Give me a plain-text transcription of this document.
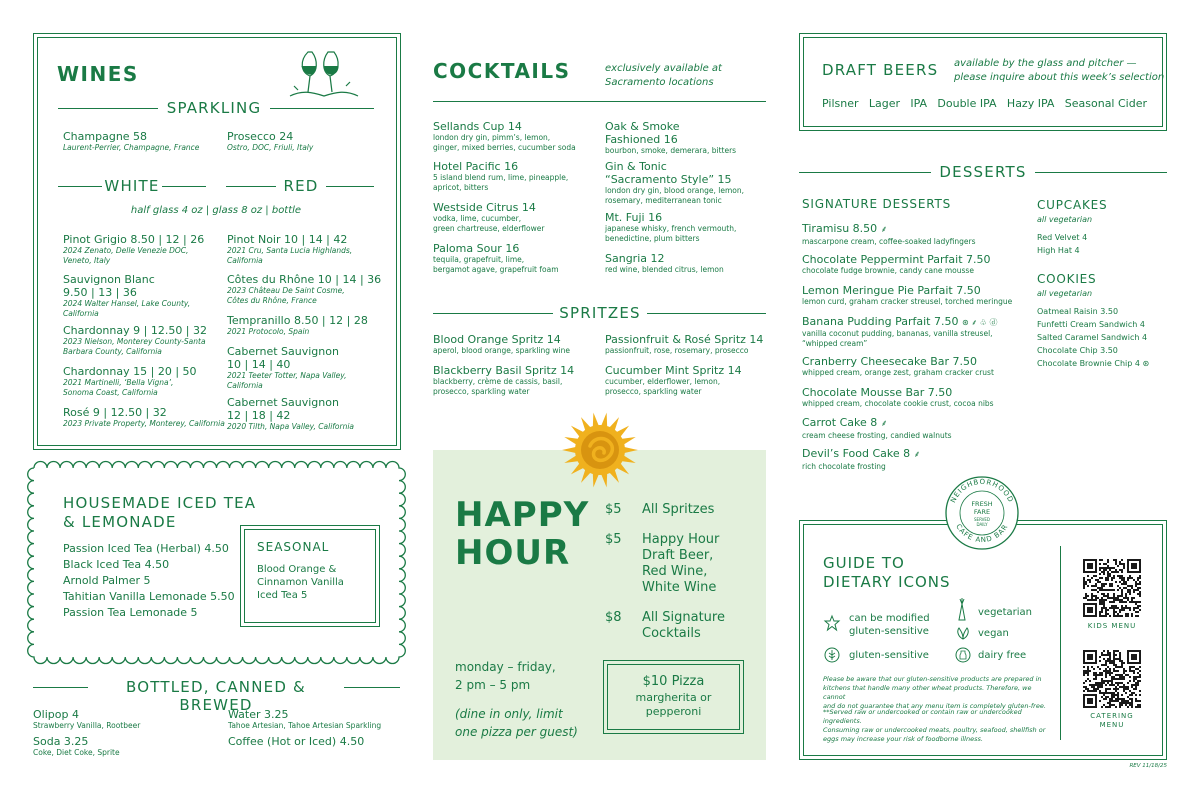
WINES
SPARKLING
Champagne 58
Laurent-Perrier, Champagne, France
Prosecco 24
Ostro, DOC, Friuli, Italy
WHITE	RED
half glass 4 oz | glass 8 oz | bottle
Pinot Grigio 8.50 | 12 | 26
2024 Zenato, Delle Venezie DOC,
Veneto, Italy
Sauvignon Blanc
9.50 | 13 | 36
2024 Walter Hansel, Lake County,
California
Chardonnay 9 | 12.50 | 32
2023 Nielson, Monterey County-Santa
Barbara County, California
Chardonnay 15 | 20 | 50
2021 Martinelli, ‘Bella Vigna’,
Sonoma Coast, California
Rosé 9 | 12.50 | 32
2023 Private Property, Monterey, California
Pinot Noir 10 | 14 | 42
2021 Cru, Santa Lucia Highlands,
California
Côtes du Rhône 10 | 14 | 36
2023 Château De Saint Cosme,
Côtes du Rhône, France
Tempranillo 8.50 | 12 | 28
2021 Protocolo, Spain
Cabernet Sauvignon
10 | 14 | 40
2021 Teeter Totter, Napa Valley,
California
Cabernet Sauvignon
12 | 18 | 42
2020 Tilth, Napa Valley, California
HOUSEMADE ICED TEA
& LEMONADE
Passion Iced Tea (Herbal) 4.50
Black Iced Tea 4.50
Arnold Palmer 5
Tahitian Vanilla Lemonade 5.50
Passion Tea Lemonade 5
SEASONAL
Blood Orange &
Cinnamon Vanilla
Iced Tea 5
BOTTLED, CANNED & BREWED
Olipop 4
Strawberry Vanilla, Rootbeer
Water 3.25
Tahoe Artesian, Tahoe Artesian Sparkling
Soda 3.25
Coke, Diet Coke, Sprite
Coffee (Hot or Iced) 4.50
COCKTAILS	exclusively available at
Sacramento locations
Sellands Cup 14
london dry gin, pimm’s, lemon,
ginger, mixed berries, cucumber soda
Hotel Pacific 16
5 island blend rum, lime, pineapple,
apricot, bitters
Westside Citrus 14
vodka, lime, cucumber,
green chartreuse, elderflower
Paloma Sour 16
tequila, grapefruit, lime,
bergamot agave, grapefruit foam
Oak & Smoke
Fashioned 16
bourbon, smoke, demerara, bitters
Gin & Tonic
“Sacramento Style” 15
london dry gin, blood orange, lemon,
rosemary, mediterranean tonic
Mt. Fuji 16
japanese whisky, french vermouth,
benedictine, plum bitters
Sangria 12
red wine, blended citrus, lemon
SPRITZES
Blood Orange Spritz 14
aperol, blood orange, sparkling wine
Passionfruit & Rosé Spritz 14
passionfruit, rose, rosemary, prosecco
Blackberry Basil Spritz 14
blackberry, crème de cassis, basil,
prosecco, sparkling water
Cucumber Mint Spritz 14
cucumber, elderflower, lemon,
prosecco, sparkling water
HAPPY
HOUR
$5 All Spritzes
$5 Happy Hour
Draft Beer,
Red Wine,
White Wine
$8 All Signature
Cocktails
monday – friday,
2 pm – 5 pm
(dine in only, limit
one pizza per guest)
$10 Pizza
margherita or
pepperoni
DRAFT BEERS available by the glass and pitcher —
please inquire about this week’s selection
Pilsner Lager IPA Double IPA Hazy IPA Seasonal Cider
DESSERTS
SIGNATURE DESSERTS
Tiramisu 8.50 ⸙
mascarpone cream, coffee-soaked ladyfingers
Chocolate Peppermint Parfait 7.50
chocolate fudge brownie, candy cane mousse
Lemon Meringue Pie Parfait 7.50
lemon curd, graham cracker streusel, torched meringue
Banana Pudding Parfait 7.50 ⊛ ⸙ ♧ ⓓ
vanilla coconut pudding, bananas, vanilla streusel,
“whipped cream”
Cranberry Cheesecake Bar 7.50
whipped cream, orange zest, graham cracker crust
Chocolate Mousse Bar 7.50
whipped cream, chocolate cookie crust, cocoa nibs
Carrot Cake 8 ⸙
cream cheese frosting, candied walnuts
Devil’s Food Cake 8 ⸙
rich chocolate frosting
CUPCAKES
all vegetarian
Red Velvet 4
High Hat 4
COOKIES
all vegetarian
Oatmeal Raisin 3.50
Funfetti Cream Sandwich 4
Salted Caramel Sandwich 4
Chocolate Chip 3.50
Chocolate Brownie Chip 4 ⊛
NEIGHBORHOOD
CAFE AND BAR
FRESH
FARE
SERVED
DAILY
GUIDE TO
DIETARY ICONS
can be modified
gluten-sensitive
vegetarian
gluten-sensitive
vegan
dairy free
Please be aware that our gluten-sensitive products are prepared in
kitchens that handle many other wheat products. Therefore, we cannot
and do not guarantee that any menu item is completely gluten-free.
**Served raw or undercooked or contain raw or undercooked ingredients.
Consuming raw or undercooked meats, poultry, seafood, shellfish or
eggs may increase your risk of foodborne illness.
KIDS MENU
CATERING
MENU
REV 11/18/25
